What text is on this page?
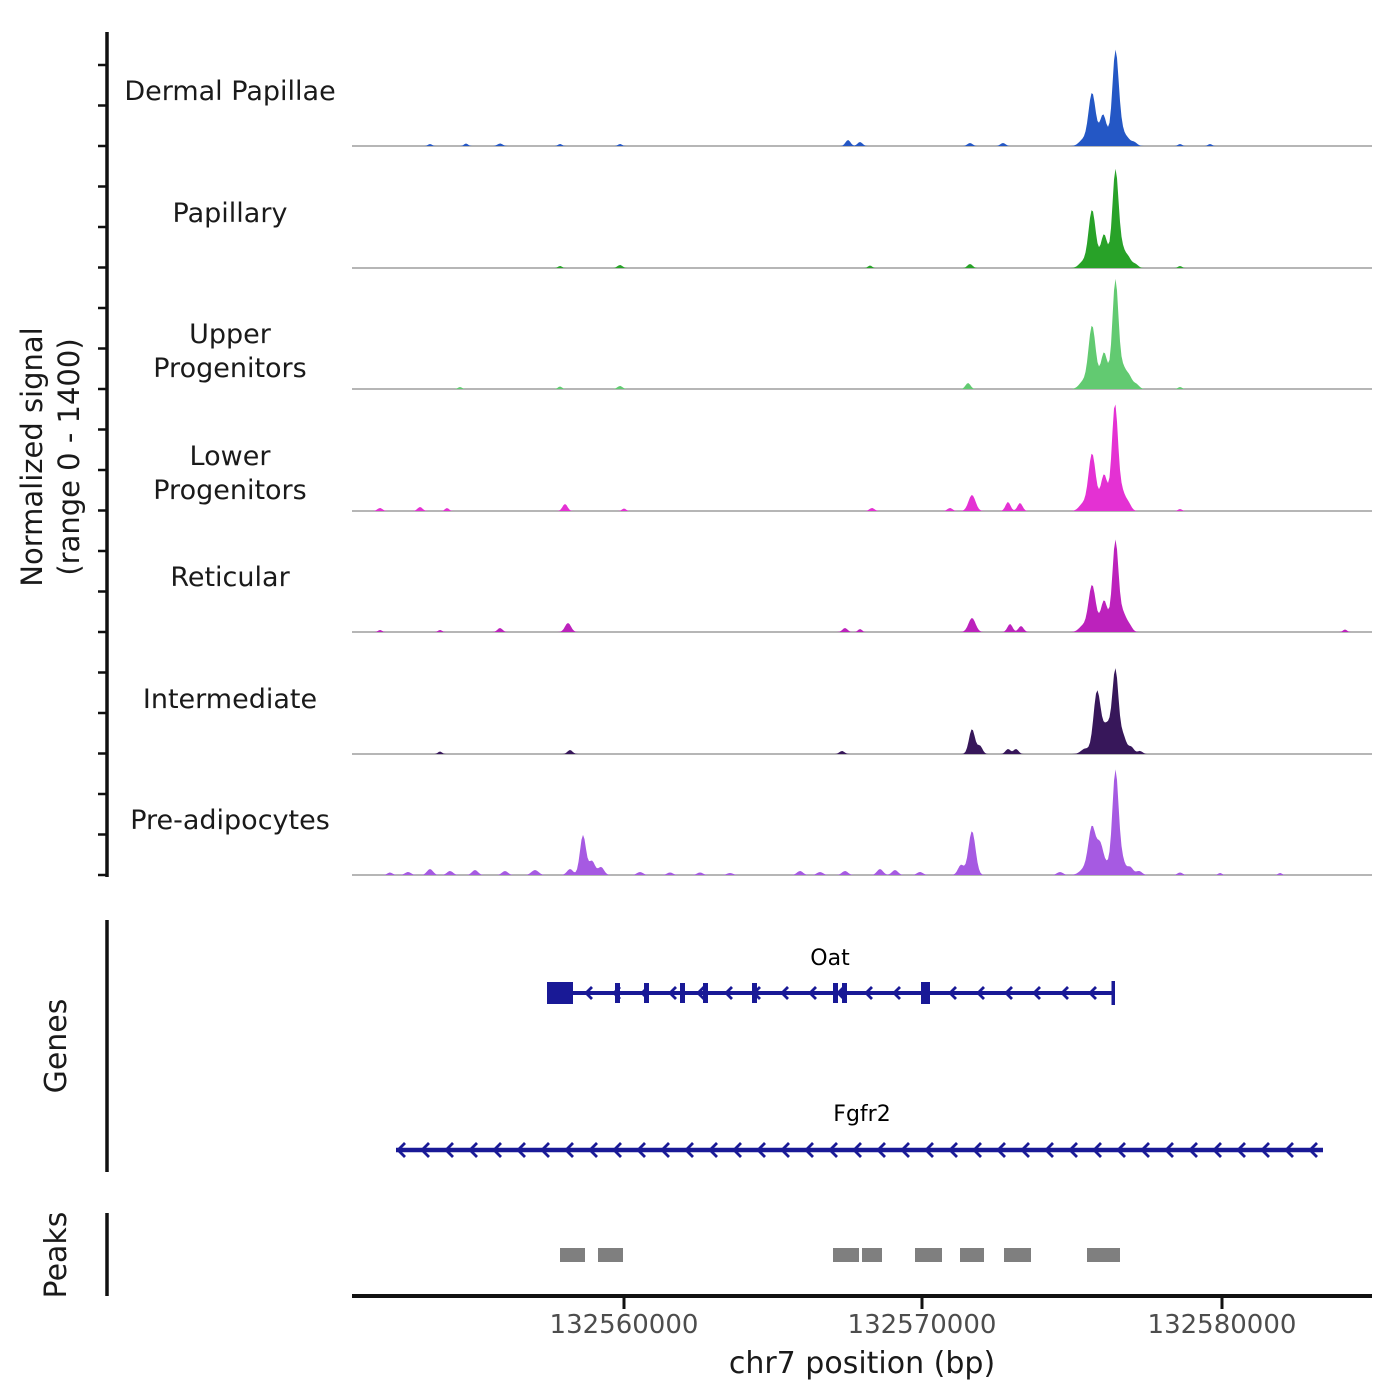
Dermal Papillae
Papillary
Upper Progenitors
Lower Progenitors
Reticular
Intermediate
Pre-adipocytes
Normalized signal (range 0 - 1400)
Genes
Peaks
Oat
Fgfr2
132560000	132570000	132580000
chr7 position (bp)
